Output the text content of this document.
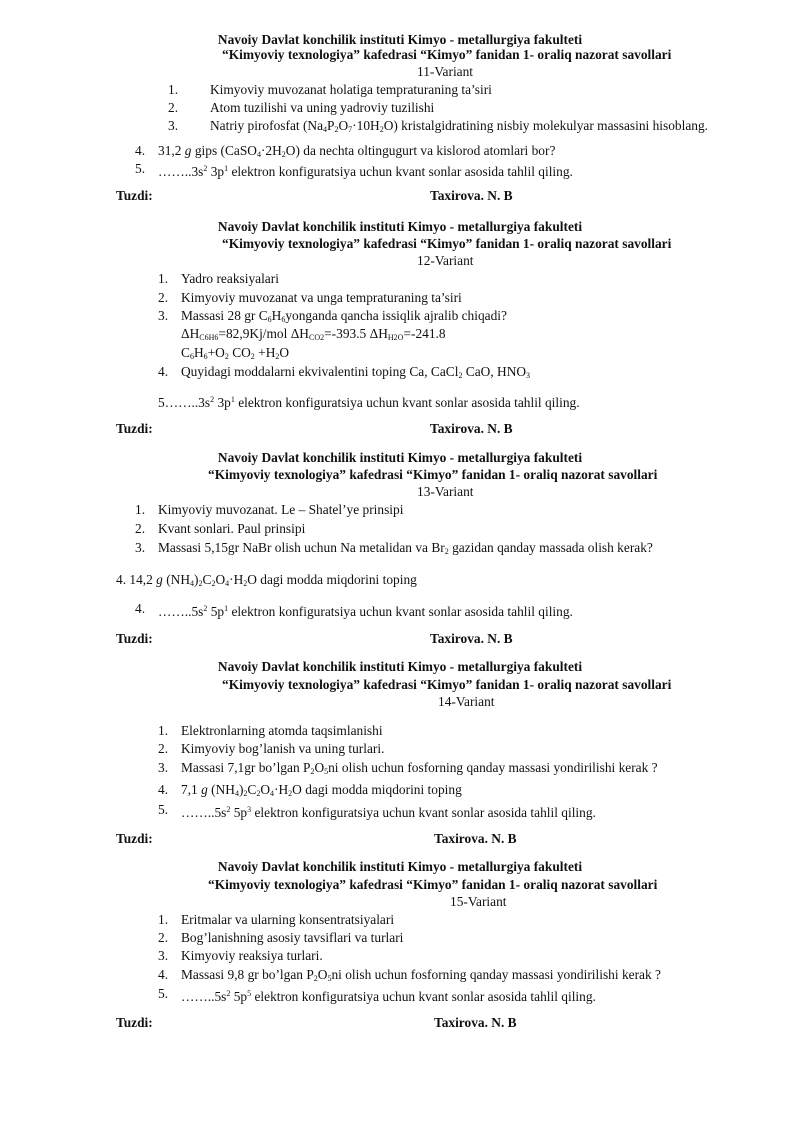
Navoiy Davlat konchilik instituti Kimyo - metallurgiya fakulteti
“Kimyoviy texnologiya” kafedrasi “Kimyo” fanidan 1- oraliq nazorat savollari
11-Variant
1. Kimyoviy muvozanat holatiga tempraturaning ta’siri
2. Atom tuzilishi va uning yadroviy tuzilishi
3. Natriy pirofosfat $(Na_4P_2O_7\cdot 10H_2O)$ kristalgidratining nisbiy molekulyar massasini hisoblang.
4. 31,2 g gips $(CaSO_4\cdot 2H_2O)$ da nechta oltingugurt va kislorod atomlari bor?
5. $\dots\dots..3s^2$ $3p^1$ elektron konfiguratsiya uchun kvant sonlar asosida tahlil qiling.
Tuzdi:	Taxirova. N. B
Navoiy Davlat konchilik instituti Kimyo - metallurgiya fakulteti
“Kimyoviy texnologiya” kafedrasi “Kimyo” fanidan 1- oraliq nazorat savollari
12-Variant
1. Yadro reaksiyalari
2. Kimyoviy muvozanat va unga tempraturaning ta’siri
3. Massasi 28 gr $C_6H_6yonganda$ qancha issiqlik ajralib chiqadi?
$\Delta H_{C6H6}=82,9Kj$/mol $\Delta H_{CO2}=-393.5$ $\Delta H_{H2O}=-241.8$
$C_6H_6+O_2$ $CO_2 +H_2O$
4. Quyidagi moddalarni ekvivalentini toping Ca, CaCl$_2$ CaO, $HNO_3$
$5\dots\dots..3s^2$ $3p^1$ elektron konfiguratsiya uchun kvant sonlar asosida tahlil qiling.
Tuzdi:	Taxirova. N. B
Navoiy Davlat konchilik instituti Kimyo - metallurgiya fakulteti
“Kimyoviy texnologiya” kafedrasi “Kimyo” fanidan 1- oraliq nazorat savollari
13-Variant
1. Kimyoviy muvozanat. Le – Shatel’ye prinsipi
2. Kvant sonlari. Paul prinsipi
3. Massasi 5,15gr NaBr olish uchun Na metalidan va $Br_2$ gazidan qanday massada olish kerak?
4. 14,2 g $(NH_4)_2C_2O_4\cdot H_2O$ dagi modda miqdorini toping
4. $\dots\dots..5s^2$ $5p^1$ elektron konfiguratsiya uchun kvant sonlar asosida tahlil qiling.
Tuzdi:	Taxirova. N. B
Navoiy Davlat konchilik instituti Kimyo - metallurgiya fakulteti
“Kimyoviy texnologiya” kafedrasi “Kimyo” fanidan 1- oraliq nazorat savollari
14-Variant
1. Elektronlarning atomda taqsimlanishi
2. Kimyoviy bog’lanish va uning turlari.
3. Massasi 7,1gr bo’lgan $P_2O_5ni$ olish uchun fosforning qanday massasi yondirilishi kerak ?
4. 7,1 g $(NH_4)_2C_2O_4\cdot H_2O$ dagi modda miqdorini toping
5. $\dots\dots..5s^2$ $5p^3$ elektron konfiguratsiya uchun kvant sonlar asosida tahlil qiling.
Tuzdi:	Taxirova. N. B
Navoiy Davlat konchilik instituti Kimyo - metallurgiya fakulteti
“Kimyoviy texnologiya” kafedrasi “Kimyo” fanidan 1- oraliq nazorat savollari
15-Variant
1. Eritmalar va ularning konsentratsiyalari
2. Bog’lanishning asosiy tavsiflari va turlari
3. Kimyoviy reaksiya turlari.
4. Massasi 9,8 gr bo’lgan $P_2O_5ni$ olish uchun fosforning qanday massasi yondirilishi kerak ?
5. $\dots\dots..5s^2$ $5p^5$ elektron konfiguratsiya uchun kvant sonlar asosida tahlil qiling.
Tuzdi:	Taxirova. N. B
